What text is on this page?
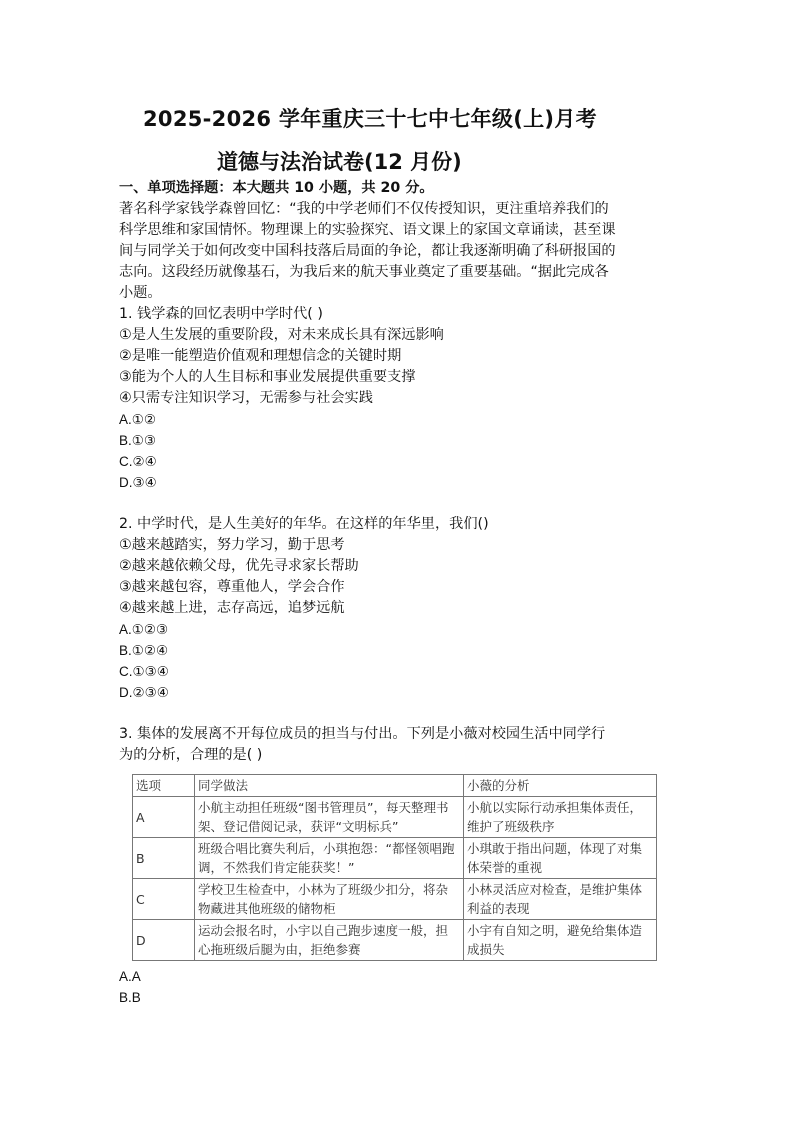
2025-2026 学年重庆三十七中七年级(上)月考
道德与法治试卷(12 月份)
一、单项选择题：本大题共 10 小题，共 20 分。
著名科学家钱学森曾回忆：“我的中学老师们不仅传授知识，更注重培养我们的
科学思维和家国情怀。物理课上的实验探究、语文课上的家国文章诵读，甚至课
间与同学关于如何改变中国科技落后局面的争论，都让我逐渐明确了科研报国的
志向。这段经历就像基石，为我后来的航天事业奠定了重要基础。“据此完成各
小题。
1. 钱学森的回忆表明中学时代( )
①是人生发展的重要阶段，对未来成长具有深远影响
②是唯一能塑造价值观和理想信念的关键时期
③能为个人的人生目标和事业发展提供重要支撑
④只需专注知识学习，无需参与社会实践
A.①②
B.①③
C.②④
D.③④
2. 中学时代，是人生美好的年华。在这样的年华里，我们()
①越来越踏实，努力学习，勤于思考
②越来越依赖父母，优先寻求家长帮助
③越来越包容，尊重他人，学会合作
④越来越上进，志存高远，追梦远航
A.①②③
B.①②④
C.①③④
D.②③④
3. 集体的发展离不开每位成员的担当与付出。下列是小薇对校园生活中同学行
为的分析，合理的是( )
选项	同学做法	小薇的分析
A	小航主动担任班级“图书管理员”，每天整理书架、登记借阅记录，获评“文明标兵”	小航以实际行动承担集体责任，维护了班级秩序
B	班级合唱比赛失利后，小琪抱怨：“都怪领唱跑调，不然我们肯定能获奖！”	小琪敢于指出问题，体现了对集体荣誉的重视
C	学校卫生检查中，小林为了班级少扣分，将杂物藏进其他班级的储物柜	小林灵活应对检查，是维护集体利益的表现
D	运动会报名时，小宇以自己跑步速度一般，担心拖班级后腿为由，拒绝参赛	小宇有自知之明，避免给集体造成损失
A.A
B.B
